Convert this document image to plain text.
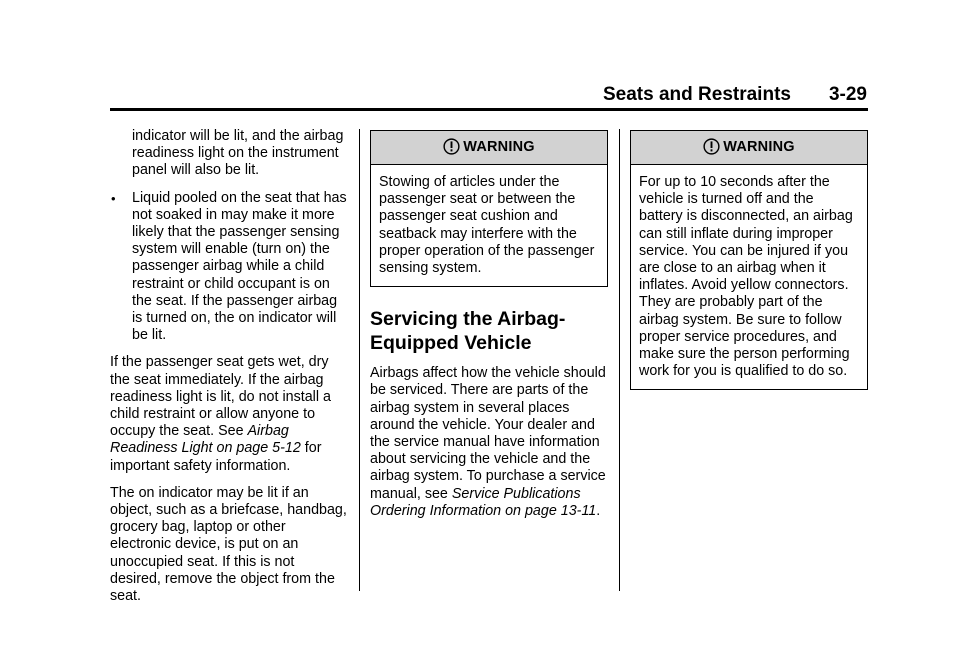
Seats and Restraints 3-29

indicator will be lit, and the airbag readiness light on the instrument panel will also be lit.

• Liquid pooled on the seat that has not soaked in may make it more likely that the passenger sensing system will enable (turn on) the passenger airbag while a child restraint or child occupant is on the seat. If the passenger airbag is turned on, the on indicator will be lit.

If the passenger seat gets wet, dry the seat immediately. If the airbag readiness light is lit, do not install a child restraint or allow anyone to occupy the seat. See Airbag Readiness Light on page 5-12 for important safety information.

The on indicator may be lit if an object, such as a briefcase, handbag, grocery bag, laptop or other electronic device, is put on an unoccupied seat. If this is not desired, remove the object from the seat.

WARNING
Stowing of articles under the passenger seat or between the passenger seat cushion and seatback may interfere with the proper operation of the passenger sensing system.
Servicing the Airbag-Equipped Vehicle

Airbags affect how the vehicle should be serviced. There are parts of the airbag system in several places around the vehicle. Your dealer and the service manual have information about servicing the vehicle and the airbag system. To purchase a service manual, see Service Publications Ordering Information on page 13-11.

WARNING
For up to 10 seconds after the vehicle is turned off and the battery is disconnected, an airbag can still inflate during improper service. You can be injured if you are close to an airbag when it inflates. Avoid yellow connectors. They are probably part of the airbag system. Be sure to follow proper service procedures, and make sure the person performing work for you is qualified to do so.
